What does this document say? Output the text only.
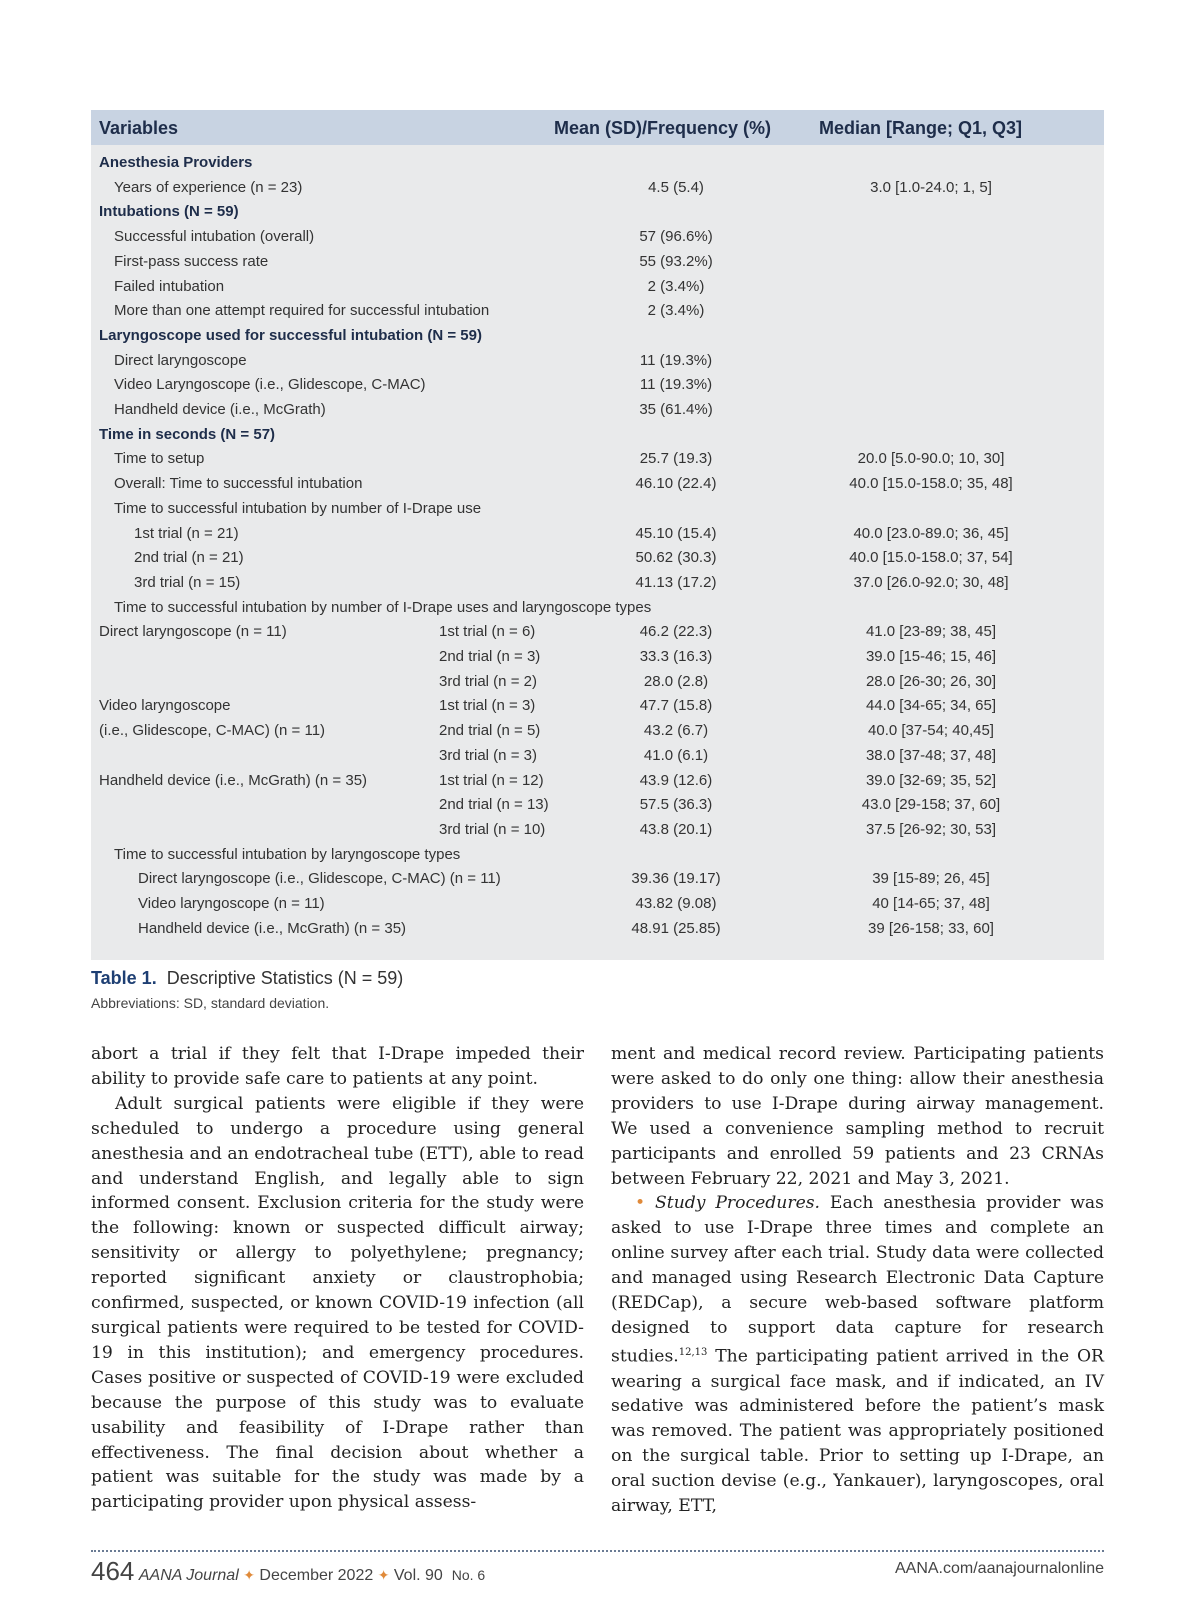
Variables	Mean (SD)/Frequency (%)	Median [Range; Q1, Q3]
Anesthesia Providers
Years of experience (n = 23)	4.5 (5.4)	3.0 [1.0-24.0; 1, 5]
Intubations (N = 59)
Successful intubation (overall)	57 (96.6%)
First-pass success rate	55 (93.2%)
Failed intubation	2 (3.4%)
More than one attempt required for successful intubation	2 (3.4%)
Laryngoscope used for successful intubation (N = 59)
Direct laryngoscope	11 (19.3%)
Video Laryngoscope (i.e., Glidescope, C-MAC)	11 (19.3%)
Handheld device (i.e., McGrath)	35 (61.4%)
Time in seconds (N = 57)
Time to setup	25.7 (19.3)	20.0 [5.0-90.0; 10, 30]
Overall: Time to successful intubation	46.10 (22.4)	40.0 [15.0-158.0; 35, 48]
Time to successful intubation by number of I-Drape use
1st trial (n = 21)	45.10 (15.4)	40.0 [23.0-89.0; 36, 45]
2nd trial (n = 21)	50.62 (30.3)	40.0 [15.0-158.0; 37, 54]
3rd trial (n = 15)	41.13 (17.2)	37.0 [26.0-92.0; 30, 48]
Time to successful intubation by number of I-Drape uses and laryngoscope types
Direct laryngoscope (n = 11)	1st trial (n = 6)	46.2 (22.3)	41.0 [23-89; 38, 45]
2nd trial (n = 3)	33.3 (16.3)	39.0 [15-46; 15, 46]
3rd trial (n = 2)	28.0 (2.8)	28.0 [26-30; 26, 30]
Video laryngoscope	1st trial (n = 3)	47.7 (15.8)	44.0 [34-65; 34, 65]
(i.e., Glidescope, C-MAC) (n = 11)	2nd trial (n = 5)	43.2 (6.7)	40.0 [37-54; 40,45]
3rd trial (n = 3)	41.0 (6.1)	38.0 [37-48; 37, 48]
Handheld device (i.e., McGrath) (n = 35)	1st trial (n = 12)	43.9 (12.6)	39.0 [32-69; 35, 52]
2nd trial (n = 13)	57.5 (36.3)	43.0 [29-158; 37, 60]
3rd trial (n = 10)	43.8 (20.1)	37.5 [26-92; 30, 53]
Time to successful intubation by laryngoscope types
Direct laryngoscope (i.e., Glidescope, C-MAC) (n = 11)	39.36 (19.17)	39 [15-89; 26, 45]
Video laryngoscope (n = 11)	43.82 (9.08)	40 [14-65; 37, 48]
Handheld device (i.e., McGrath) (n = 35)	48.91 (25.85)	39 [26-158; 33, 60]
Table 1. Descriptive Statistics (N = 59)
Abbreviations: SD, standard deviation.

abort a trial if they felt that I-Drape impeded their ability to provide safe care to patients at any point.

Adult surgical patients were eligible if they were scheduled to undergo a procedure using general anesthesia and an endotracheal tube (ETT), able to read and understand English, and legally able to sign informed consent. Exclusion criteria for the study were the following: known or suspected difficult airway; sensitivity or allergy to polyethylene; pregnancy; reported significant anxiety or claustrophobia; confirmed, suspected, or known COVID-19 infection (all surgical patients were required to be tested for COVID-19 in this institution); and emergency procedures. Cases positive or suspected of COVID-19 were excluded because the purpose of this study was to evaluate usability and feasibility of I-Drape rather than effectiveness. The final decision about whether a patient was suitable for the study was made by a participating provider upon physical assess-

ment and medical record review. Participating patients were asked to do only one thing: allow their anesthesia providers to use I-Drape during airway management. We used a convenience sampling method to recruit participants and enrolled 59 patients and 23 CRNAs between February 22, 2021 and May 3, 2021.

• Study Procedures. Each anesthesia provider was asked to use I-Drape three times and complete an online survey after each trial. Study data were collected and managed using Research Electronic Data Capture (REDCap), a secure web-based software platform designed to support data capture for research studies.$^{12,13}$ The participating patient arrived in the OR wearing a surgical face mask, and if indicated, an IV sedative was administered before the patient’s mask was removed. The patient was appropriately positioned on the surgical table. Prior to setting up I-Drape, an oral suction devise (e.g., Yankauer), laryngoscopes, oral airway, ETT,

464 AANA Journal ✦ December 2022 ✦ Vol. 90 No. 6	AANA.com/aanajournalonline
